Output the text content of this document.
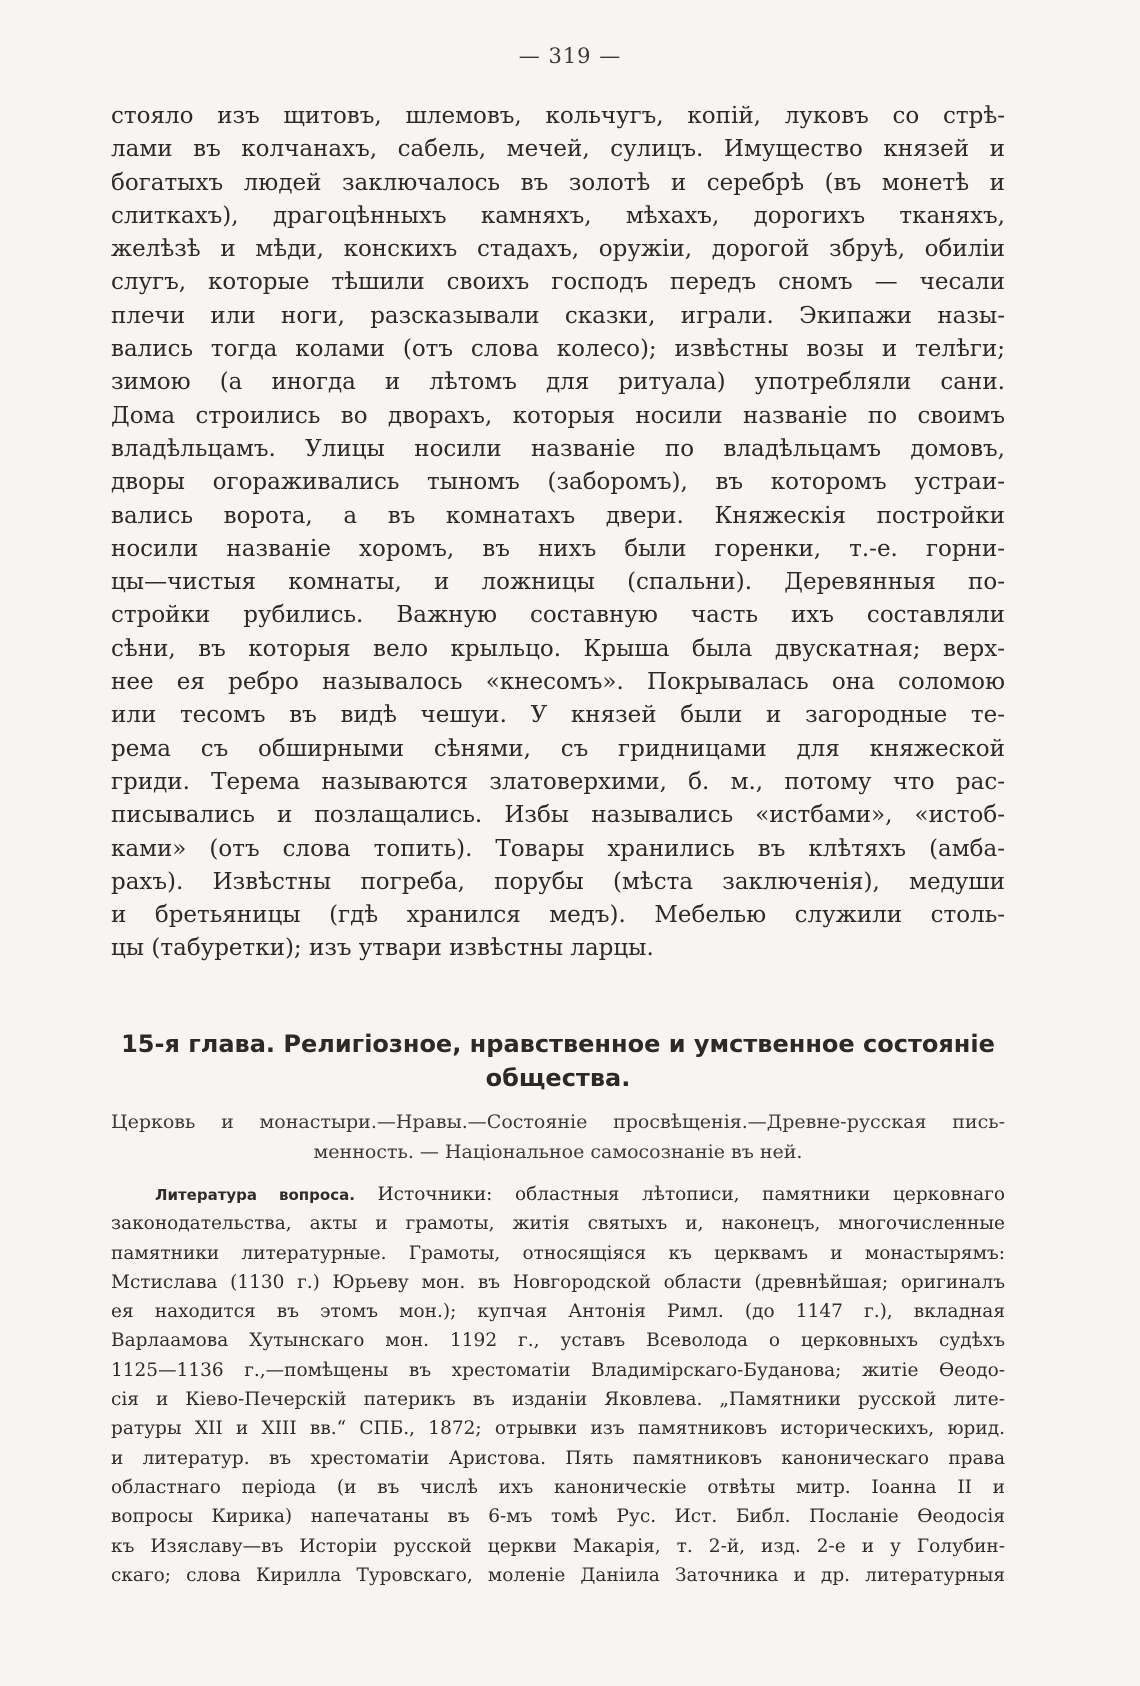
— 319 —
стояло изъ щитовъ, шлемовъ, кольчугъ, копій, луковъ со стрѣ-
лами въ колчанахъ, сабель, мечей, сулицъ. Имущество князей и
богатыхъ людей заключалось въ золотѣ и серебрѣ (въ монетѣ и
слиткахъ), драгоцѣнныхъ камняхъ, мѣхахъ, дорогихъ тканяхъ,
желѣзѣ и мѣди, конскихъ стадахъ, оружіи, дорогой збруѣ, обиліи
слугъ, которые тѣшили своихъ господъ передъ сномъ — чесали
плечи или ноги, разсказывали сказки, играли. Экипажи назы-
вались тогда колами (отъ слова колесо); извѣстны возы и телѣги;
зимою (а иногда и лѣтомъ для ритуала) употребляли сани.
Дома строились во дворахъ, которыя носили названіе по своимъ
владѣльцамъ. Улицы носили названіе по владѣльцамъ домовъ,
дворы огораживались тыномъ (заборомъ), въ которомъ устраи-
вались ворота, а въ комнатахъ двери. Княжескія постройки
носили названіе хоромъ, въ нихъ были горенки, т.-е. горни-
цы—чистыя комнаты, и ложницы (спальни). Деревянныя по-
стройки рубились. Важную составную часть ихъ составляли
сѣни, въ которыя вело крыльцо. Крыша была двускатная; верх-
нее ея ребро называлось «кнесомъ». Покрывалась она соломою
или тесомъ въ видѣ чешуи. У князей были и загородные те-
рема съ обширными сѣнями, съ гридницами для княжеской
гриди. Терема называются златоверхими, б. м., потому что рас-
писывались и позлащались. Избы назывались «истбами», «истоб-
ками» (отъ слова топить). Товары хранились въ клѣтяхъ (амба-
рахъ). Извѣстны погреба, порубы (мѣста заключенія), медуши
и бретьяницы (гдѣ хранился медъ). Мебелью служили столь-
цы (табуретки); изъ утвари извѣстны ларцы.
15-я глава. Религіозное, нравственное и умственное состояніе
общества.
Церковь и монастыри.—Нравы.—Состояніе просвѣщенія.—Древне-русская пись-
менность. — Національное самосознаніе въ ней.
Литература вопроса. Источники: областныя лѣтописи, памятники церковнаго
законодательства, акты и грамоты, житія святыхъ и, наконецъ, многочисленные
памятники литературные. Грамоты, относящіяся къ церквамъ и монастырямъ:
Мстислава (1130 г.) Юрьеву мон. въ Новгородской области (древнѣйшая; оригиналъ
ея находится въ этомъ мон.); купчая Антонія Римл. (до 1147 г.), вкладная
Варлаамова Хутынскаго мон. 1192 г., уставъ Всеволода о церковныхъ судѣхъ
1125—1136 г.,—помѣщены въ хрестоматіи Владимірскаго-Буданова; житіе Ѳеодо-
сія и Кіево-Печерскій патерикъ въ изданіи Яковлева. „Памятники русской лите-
ратуры XII и XIII вв.“ СПБ., 1872; отрывки изъ памятниковъ историческихъ, юрид.
и литератур. въ хрестоматіи Аристова. Пять памятниковъ каноническаго права
областнаго періода (и въ числѣ ихъ каноническіе отвѣты митр. Іоанна II и
вопросы Кирика) напечатаны въ 6-мъ томѣ Рус. Ист. Библ. Посланіе Ѳеодосія
къ Изяславу—въ Исторіи русской церкви Макарія, т. 2-й, изд. 2-е и у Голубин-
скаго; слова Кирилла Туровскаго, моленіе Даніила Заточника и др. литературныя
